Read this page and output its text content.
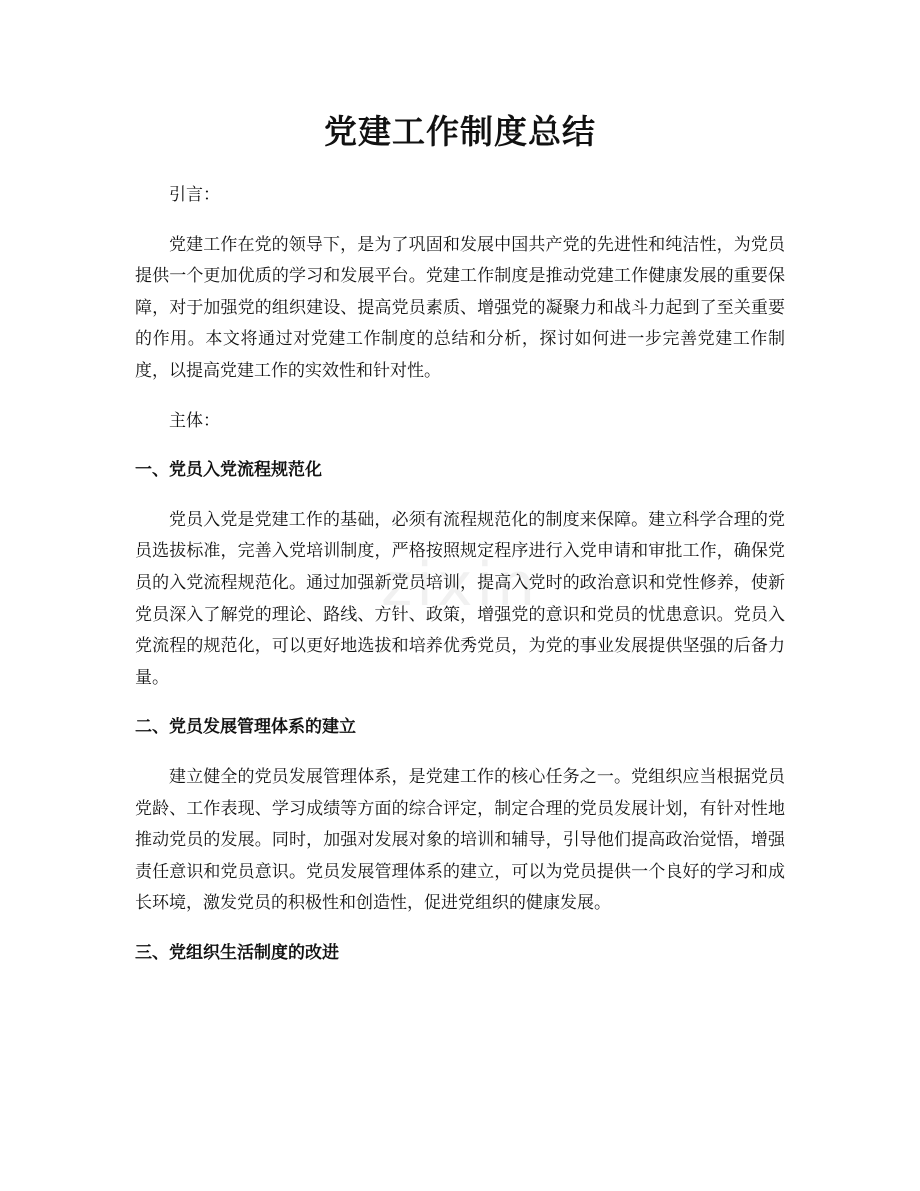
zixin
党建工作制度总结

引言：

党建工作在党的领导下，是为了巩固和发展中国共产党的先进性和纯洁性，为党员提供一个更加优质的学习和发展平台。党建工作制度是推动党建工作健康发展的重要保障，对于加强党的组织建设、提高党员素质、增强党的凝聚力和战斗力起到了至关重要的作用。本文将通过对党建工作制度的总结和分析，探讨如何进一步完善党建工作制度，以提高党建工作的实效性和针对性。

主体：

一、党员入党流程规范化

党员入党是党建工作的基础，必须有流程规范化的制度来保障。建立科学合理的党员选拔标准，完善入党培训制度，严格按照规定程序进行入党申请和审批工作，确保党员的入党流程规范化。通过加强新党员培训，提高入党时的政治意识和党性修养，使新党员深入了解党的理论、路线、方针、政策，增强党的意识和党员的忧患意识。党员入党流程的规范化，可以更好地选拔和培养优秀党员，为党的事业发展提供坚强的后备力量。

二、党员发展管理体系的建立

建立健全的党员发展管理体系，是党建工作的核心任务之一。党组织应当根据党员党龄、工作表现、学习成绩等方面的综合评定，制定合理的党员发展计划，有针对性地推动党员的发展。同时，加强对发展对象的培训和辅导，引导他们提高政治觉悟，增强责任意识和党员意识。党员发展管理体系的建立，可以为党员提供一个良好的学习和成长环境，激发党员的积极性和创造性，促进党组织的健康发展。

三、党组织生活制度的改进
